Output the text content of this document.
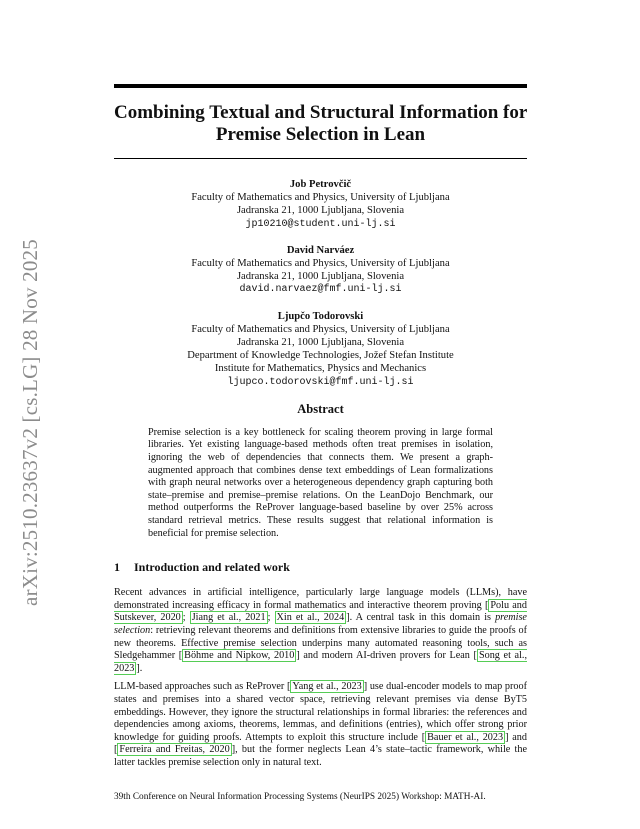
arXiv:2510.23637v2 [cs.LG] 28 Nov 2025
Combining Textual and Structural Information for
Premise Selection in Lean
Job Petrovčič
Faculty of Mathematics and Physics, University of Ljubljana
Jadranska 21, 1000 Ljubljana, Slovenia
jp10210@student.uni-lj.si
David Narváez
Faculty of Mathematics and Physics, University of Ljubljana
Jadranska 21, 1000 Ljubljana, Slovenia
david.narvaez@fmf.uni-lj.si
Ljupčo Todorovski
Faculty of Mathematics and Physics, University of Ljubljana
Jadranska 21, 1000 Ljubljana, Slovenia
Department of Knowledge Technologies, Jožef Stefan Institute
Institute for Mathematics, Physics and Mechanics
ljupco.todorovski@fmf.uni-lj.si
Abstract
Premise selection is a key bottleneck for scaling theorem proving in large formal libraries. Yet existing language-based methods often treat premises in isolation, ignoring the web of dependencies that connects them. We present a graph-augmented approach that combines dense text embeddings of Lean formalizations with graph neural networks over a heterogeneous dependency graph capturing both state–premise and premise–premise relations. On the LeanDojo Benchmark, our method outperforms the ReProver language-based baseline by over 25% across standard retrieval metrics. These results suggest that relational information is beneficial for premise selection.
1 Introduction and related work
Recent advances in artificial intelligence, particularly large language models (LLMs), have demonstrated increasing efficacy in formal mathematics and interactive theorem proving [ Polu and Sutskever, 2020 ; Jiang et al., 2021 ; Xin et al., 2024 ]. A central task in this domain is premise selection: retrieving relevant theorems and definitions from extensive libraries to guide the proofs of new theorems. Effective premise selection underpins many automated reasoning tools, such as Sledgehammer [ Böhme and Nipkow, 2010 ] and modern AI-driven provers for Lean [ Song et al., 2023 ].
LLM-based approaches such as ReProver [ Yang et al., 2023 ] use dual-encoder models to map proof states and premises into a shared vector space, retrieving relevant premises via dense ByT5 embeddings. However, they ignore the structural relationships in formal libraries: the references and dependencies among axioms, theorems, lemmas, and definitions (entries), which offer strong prior knowledge for guiding proofs. Attempts to exploit this structure include [ Bauer et al., 2023 ] and [ Ferreira and Freitas, 2020 ], but the former neglects Lean 4’s state–tactic framework, while the latter tackles premise selection only in natural text.
39th Conference on Neural Information Processing Systems (NeurIPS 2025) Workshop: MATH-AI.
